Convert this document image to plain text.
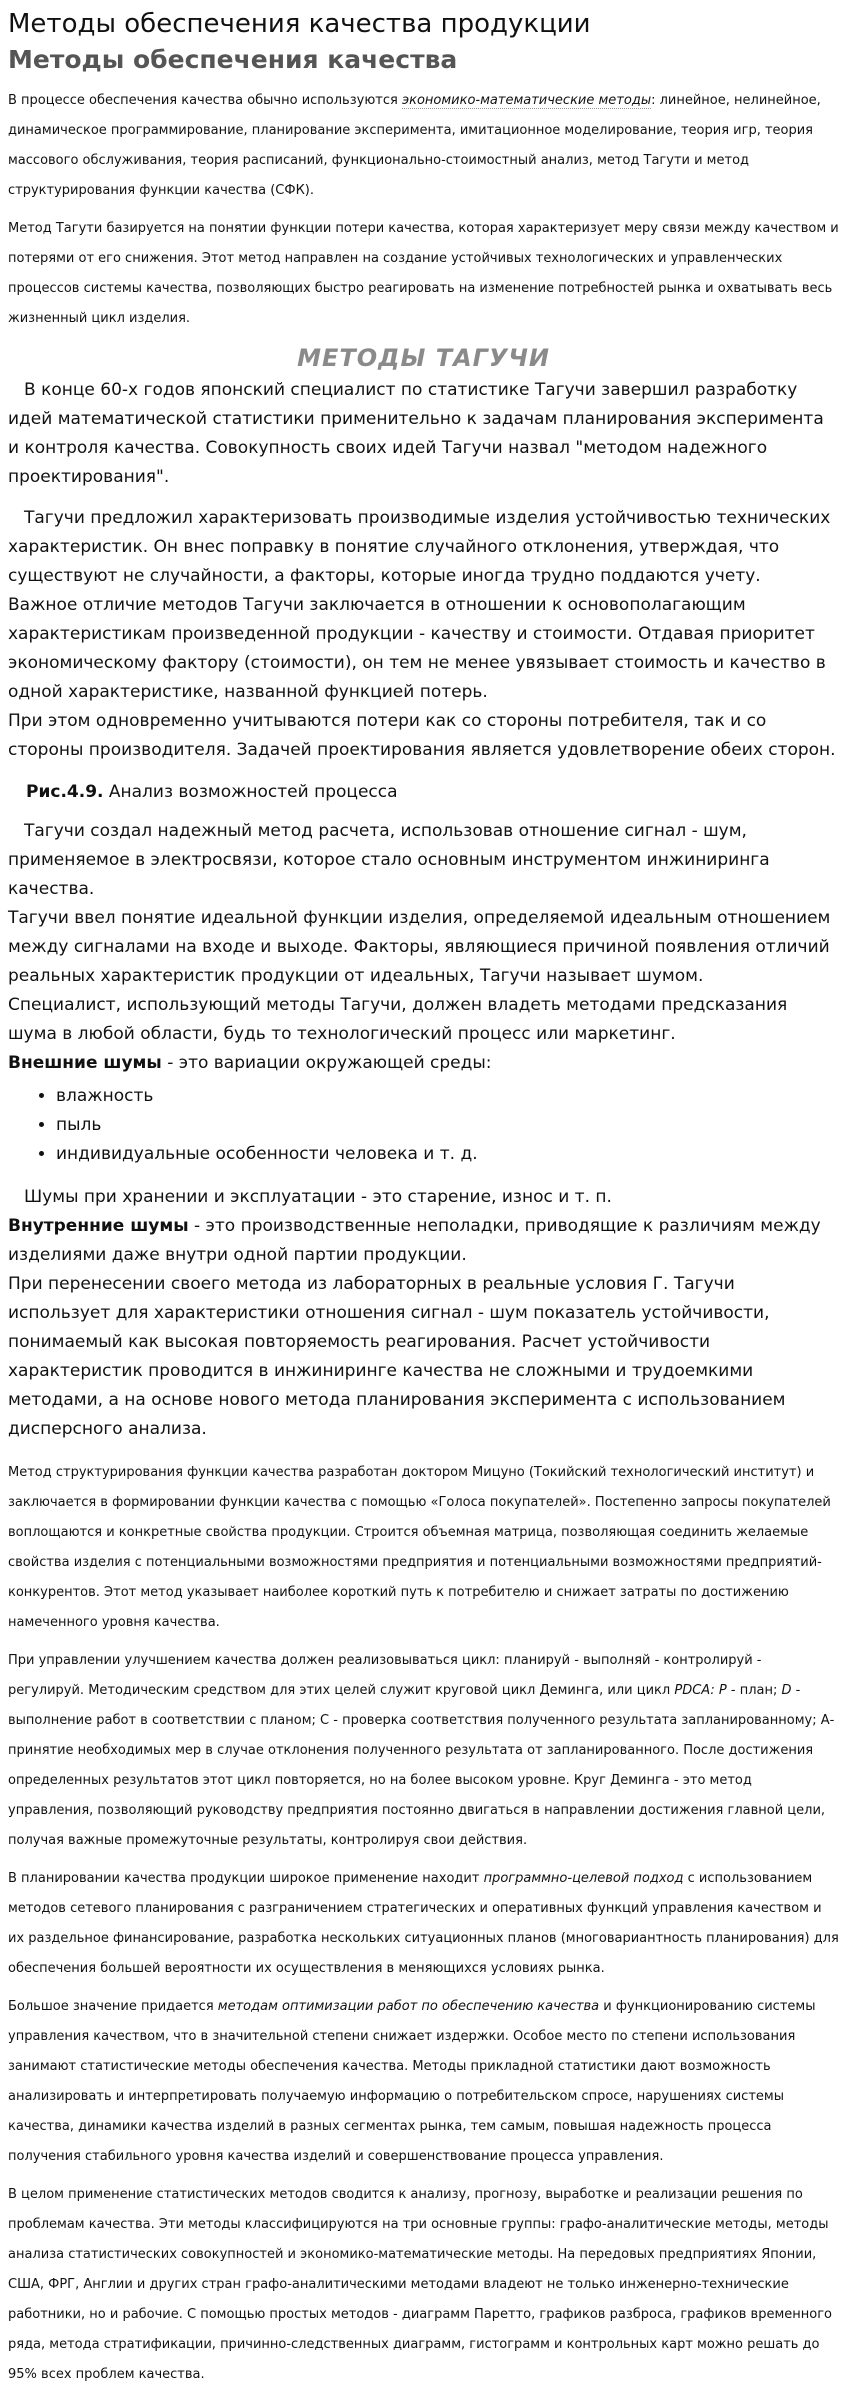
Методы обеспечения качества продукции
Методы обеспечения качества

В процессе обеспечения качества обычно используются экономико-математические методы: линейное, нелинейное, динамическое программирование, планирование эксперимента, имитационное моделирование, теория игр, теория массового обслуживания, теория расписаний, функционально-стоимостный анализ, метод Тагути и метод структурирования функции качества (СФК).

Метод Тагути базируется на понятии функции потери качества, которая характеризует меру связи между качеством и потерями от его снижения. Этот метод направлен на создание устойчивых технологических и управленческих процессов системы качества, позволяющих быстро реагировать на изменение потребностей рынка и охватывать весь жизненный цикл изделия.

МЕТОДЫ ТАГУЧИ

В конце 60-х годов японский специалист по статистике Тагучи завершил разработку идей математической статистики применительно к задачам планирования эксперимента и контроля качества. Совокупность своих идей Тагучи назвал "методом надежного проектирования".

Тагучи предложил характеризовать производимые изделия устойчивостью технических характеристик. Он внес поправку в понятие случайного отклонения, утверждая, что существуют не случайности, а факторы, которые иногда трудно поддаются учету.

Важное отличие методов Тагучи заключается в отношении к основополагающим характеристикам произведенной продукции - качеству и стоимости. Отдавая приоритет экономическому фактору (стоимости), он тем не менее увязывает стоимость и качество в одной характеристике, названной функцией потерь.

При этом одновременно учитываются потери как со стороны потребителя, так и со стороны производителя. Задачей проектирования является удовлетворение обеих сторон.

Рис.4.9. Анализ возможностей процесса

Тагучи создал надежный метод расчета, использовав отношение сигнал - шум, применяемое в электросвязи, которое стало основным инструментом инжиниринга качества.

Тагучи ввел понятие идеальной функции изделия, определяемой идеальным отношением между сигналами на входе и выходе. Факторы, являющиеся причиной появления отличий реальных характеристик продукции от идеальных, Тагучи называет шумом.

Специалист, использующий методы Тагучи, должен владеть методами предсказания шума в любой области, будь то технологический процесс или маркетинг.

Внешние шумы - это вариации окружающей среды:

• влажность
• пыль
• индивидуальные особенности человека и т. д.

Шумы при хранении и эксплуатации - это старение, износ и т. п.

Внутренние шумы - это производственные неполадки, приводящие к различиям между изделиями даже внутри одной партии продукции.

При перенесении своего метода из лабораторных в реальные условия Г. Тагучи использует для характеристики отношения сигнал - шум показатель устойчивости, понимаемый как высокая повторяемость реагирования. Расчет устойчивости характеристик проводится в инжиниринге качества не сложными и трудоемкими методами, а на основе нового метода планирования эксперимента с использованием дисперсного анализа.

Метод структурирования функции качества разработан доктором Мицуно (Токийский технологический институт) и заключается в формировании функции качества с помощью «Голоса покупателей». Постепенно запросы покупателей воплощаются и конкретные свойства продукции. Строится объемная матрица, позволяющая соединить желаемые свойства изделия с потенциальными возможностями предприятия и потенциальными возможностями предприятий-конкурентов. Этот метод указывает наиболее короткий путь к потребителю и снижает затраты по достижению намеченного уровня качества.

При управлении улучшением качества должен реализовываться цикл: планируй - выполняй - контролируй - регулируй. Методическим средством для этих целей служит круговой цикл Деминга, или цикл PDCA: Р - план; D - выполнение работ в соответствии с планом; С - проверка соответствия полученного результата запланированному; А-принятие необходимых мер в случае отклонения полученного результата от запланированного. После достижения определенных результатов этот цикл повторяется, но на более высоком уровне. Круг Деминга - это метод управления, позволяющий руководству предприятия постоянно двигаться в направлении достижения главной цели, получая важные промежуточные результаты, контролируя свои действия.

В планировании качества продукции широкое применение находит программно-целевой подход с использованием методов сетевого планирования с разграничением стратегических и оперативных функций управления качеством и их раздельное финансирование, разработка нескольких ситуационных планов (многовариантность планирования) для обеспечения большей вероятности их осуществления в меняющихся условиях рынка.

Большое значение придается методам оптимизации работ по обеспечению качества и функционированию системы управления качеством, что в значительной степени снижает издержки. Особое место по степени использования занимают статистические методы обеспечения качества. Методы прикладной статистики дают возможность анализировать и интерпретировать получаемую информацию о потребительском спросе, нарушениях системы качества, динамики качества изделий в разных сегментах рынка, тем самым, повышая надежность процесса получения стабильного уровня качества изделий и совершенствование процесса управления.

В целом применение статистических методов сводится к анализу, прогнозу, выработке и реализации решения по проблемам качества. Эти методы классифицируются на три основные группы: графо-аналитические методы, методы анализа статистических совокупностей и экономико-математические методы. На передовых предприятиях Японии, США, ФРГ, Англии и других стран графо-аналитическими методами владеют не только инженерно-технические работники, но и рабочие. С помощью простых методов - диаграмм Паретто, графиков разброса, графиков временного ряда, метода стратификации, причинно-следственных диаграмм, гистограмм и контрольных карт можно решать до 95% всех проблем качества.
